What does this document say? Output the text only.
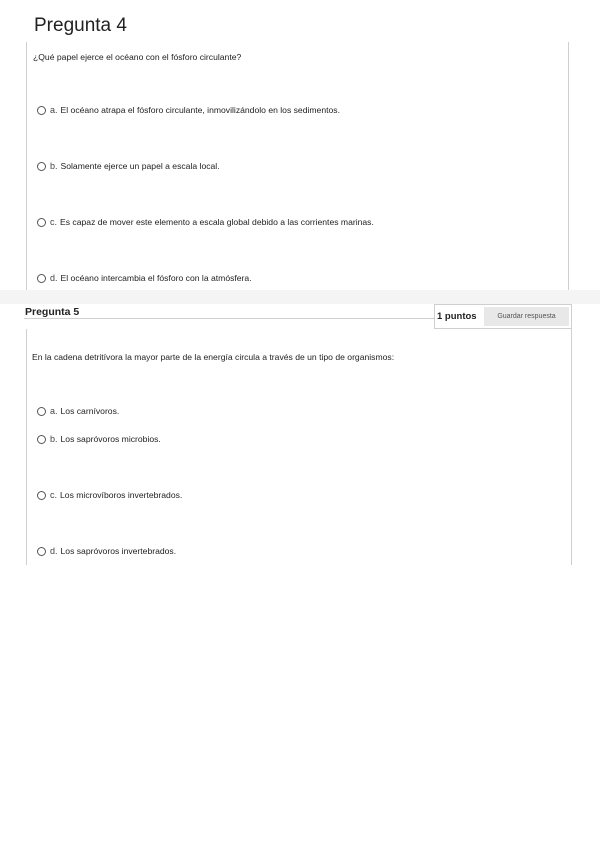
Pregunta 4
¿Qué papel ejerce el océano con el fósforo circulante?
a. El océano atrapa el fósforo circulante, inmovilizándolo en los sedimentos.
b. Solamente ejerce un papel a escala local.
c. Es capaz de mover este elemento a escala global debido a las corrientes marinas.
d. El océano intercambia el fósforo con la atmósfera.
Pregunta 5	1 puntos	Guardar respuesta
En la cadena detritívora la mayor parte de la energía circula a través de un tipo de organismos:
a. Los carnívoros.
b. Los sapróvoros microbios.
c. Los microvíboros invertebrados.
d. Los sapróvoros invertebrados.
